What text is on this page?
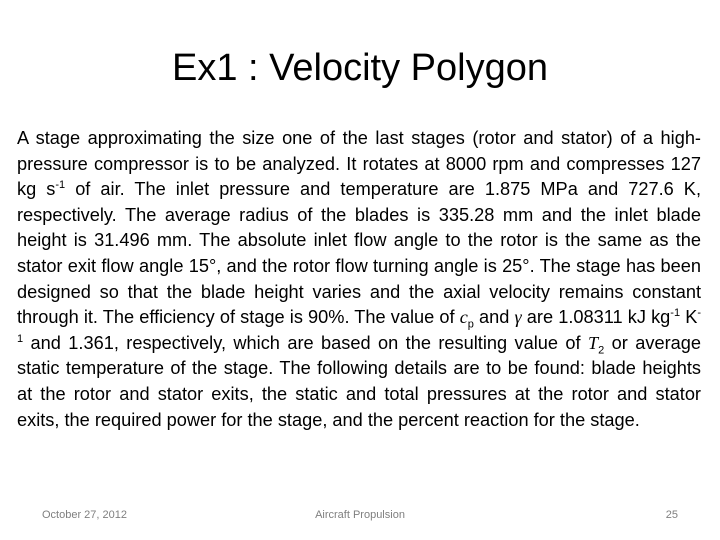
Ex1 : Velocity Polygon
A stage approximating the size one of the last stages (rotor and stator) of a high-pressure compressor is to be analyzed. It rotates at 8000 rpm and compresses 127 kg $s^{-1}$ of air. The inlet pressure and temperature are 1.875 MPa and 727.6 K, respectively. The average radius of the blades is 335.28 mm and the inlet blade height is 31.496 mm. The absolute inlet flow angle to the rotor is the same as the stator exit flow angle 15°, and the rotor flow turning angle is 25°. The stage has been designed so that the blade height varies and the axial velocity remains constant through it. The efficiency of stage is 90%. The value of $c_p$ and γ are 1.08311 kJ $kg^{-1}$ $K^{-1}$ and 1.361, respectively, which are based on the resulting value of $T_2$ or average static temperature of the stage. The following details are to be found: blade heights at the rotor and stator exits, the static and total pressures at the rotor and stator exits, the required power for the stage, and the percent reaction for the stage.
October 27, 2012	Aircraft Propulsion	25
